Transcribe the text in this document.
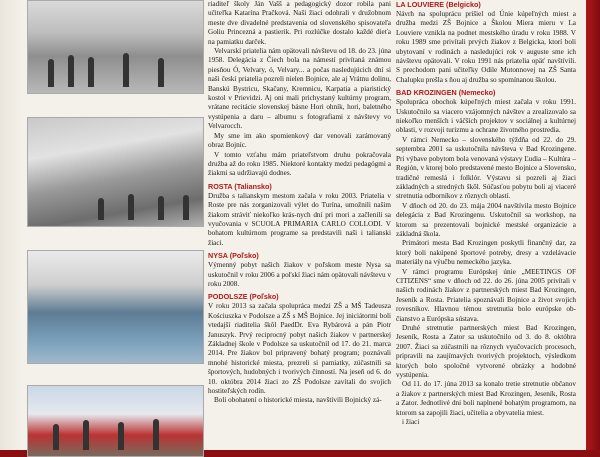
riaditeľ školy Ján Vašš a pedagogický dozor robila pani učiteľka Katarína Pračková. Naši žiaci odohrali v družobnom meste dve divadelné predstavenia od slovenského spisovateľa Goliu Princezná a pastierik. Pri rozlúčke dostalo každé dieťa na pamiatku darček.

Velvarskí priatelia nám opätovali návštevu od 18. do 23. júna 1958. Delegácia z Čiech bola na námestí privítaná známou piesňou Ó, Velvary, ó, Velvary... a počas nasledujúcich dní si naši českí priatelia pozreli nielen Bojnice, ale aj Vrátnu dolinu, Banskú Bystricu, Skačany, Kremnicu, Karpatia a piaristický kostol v Prievidzi. Aj oni mali prichystaný kultúrny program, vrátane recitácie slovenskej básne Hori ohník, hori, baletného vystúpenia a daru – albumu s fotografiami z návštevy vo Velvarocch.

My sme im ako spomienkový dar venovali zarámovaný obraz Bojníc.

V tomto vzťahu mám priateľstvom druhu pokračovala družba až do roku 1985. Niektoré kontakty medzi pedagógmi a žiakmi sa udržiavajú dodnes.

ROSTA (Taliansko)

Družba s talianskym mestom začala v roku 2003. Priatelia v Roste pre nás zorganizovali výlet do Turína, umožnili našim žiakom stráviť niekoľko krás-nych dní pri mori a začlenili sa vyučovania v SCUOLA PRIMARIA CARLO COLLODI. V bohatom kultúrnom programe sa predstavili naši i talianski žiaci.

NYSA (Poľsko)

Výmenný pobyt našich žiakov v poľskom meste Nysa sa uskutočnil v roku 2006 a poľskí žiaci nám opätovali návštevu v roku 2008.

PODOLSZE (Poľsko)

V roku 2013 sa začala spolupráca medzi ZŠ a MŠ Tadeusza Kościuszka v Podolsze a ZŠ s MŠ Bojnice. Jej iniciátormi boli vtedajší riaditelia škôl PaedDr. Eva Rybárová a pán Piotr Januszyk. Prvý reciprocný pobyt našich žiakov v partnerskej Základnej škole v Podolsze sa uskutočnil od 17. do 21. marca 2014. Pre žiakov bol pripravený bohatý program; poznávali mnohé historické miesta, prezreli si pamiatky, zúčastnili sa športových, hudobných i tvorivých činností. Na jeseň od 6. do 10. októbra 2014 žiaci zo ZŠ Podolsze zavítali do svojich hostiteľských rodín.

Boli obohatení o historické miesta, navštívili Bojnický zá-

LA LOUVIERE (Belgicko)

Návrh na spoluprácu prišiel od Únie kúpeľných miest a družba medzi ZŠ Bojnice a Školou Miera mieru v La Louviere vznikla na podnet mestského úradu v roku 1988. V roku 1989 sme privítali prvých žiakov z Belgicka, ktorí boli ubytovaní v rodinách a nasledujúci rok v auguste sme ich návštevu opätovali. V roku 1991 nás priatelia opäť navštívili. S prechodom pani učiteľky Odile Mutonnovej na ZŠ Santa Chalupku prešla s ňou aj družba so spomínanou školou.

BAD KROZINGEN (Nemecko)

Spolupráca obochok kúpeľných miest začala v roku 1991. Uskutočnilo sa viacero vzájomných návštev a zrealizovalo sa niekoľko menších i väčších projektov v sociálnej a kultúrnej oblasti, v rozvoji turizmu a ochrane životného prostredia.

V rámci Nemecko – slovenského týždňa od 22. do 29. septembra 2001 sa uskutočnila návšteva v Bad Krozingene. Pri výbave pobytom bola venovaná výstavy Ľudia – Kultúra – Región, v ktorej bolo predstavené mesto Bojnice a Slovensko, tradičné remeslá i folklór. Výstavu si pozreli aj žiaci základných a stredných škôl. Súčasťou pobytu boli aj viaceré stretnutia odborníkov z rôznych oblastí.

V dňoch od 20. do 23. mája 2004 navštívila mesto Bojnice delegácia z Bad Krozingenu. Uskutočnil sa workshop, na ktorom sa prezentovali bojnické mestské organizácie a základná škola.

Primátori mesta Bad Krozingen poskytli finančný dar, za ktorý boli nakúpené športové potreby, dresy a vzdelávacie materiály na výučbu nemeckého jazyka.

V rámci programu Európskej únie „MEETINGS OF CITIZENS“ sme v dňoch od 22. do 26. júna 2005 privítali v našich rodinách žiakov z partnerských miest Bad Krozingen, Jeseník a Rosta. Priatelia spoznávali Bojnice a život svojich rovesníkov. Hlavnou témou stretnutia bolo európske ob-čianstvo a Európska sústava.

Druhé stretnutie partnerských miest Bad Krozingen, Jeseník, Rosta a Zator sa uskutočnilo od 3. do 8. októbra 2007. Žiaci sa zúčastnili na rôznych vyučovacích procesoch, pripravili na zaujímavých tvorivých projektoch, výsledkom ktorých bolo spoločné vytvorené obrázky a hodobné vystúpenia.

Od 11. do 17. júna 2013 sa konalo tretie stretnutie občanov a žiakov z partnerských miest Bad Krozingen, Jeseník, Rosta a Zator. Jednotlivé dni boli naplnené bohatým programom, na ktorom sa zapojili žiaci, učitelia a obyvatelia miest.

i žiaci
